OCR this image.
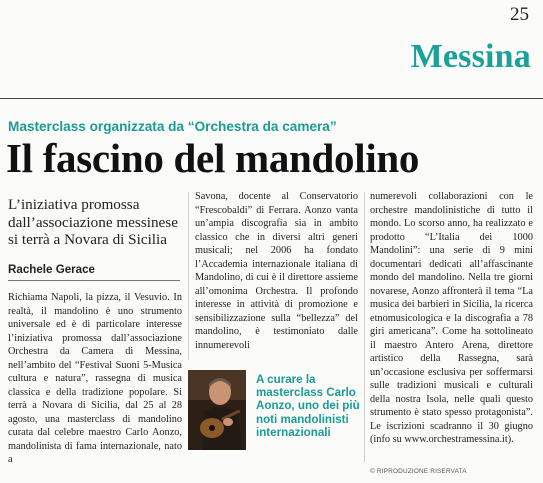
25
Messina
Masterclass organizzata da “Orchestra da camera”
Il fascino del mandolino
L’iniziativa promossa dall’associazione messinese si terrà a Novara di Sicilia
Rachele Gerace
Richiama Napoli, la pizza, il Vesuvio. In realtà, il mandolino è uno strumento universale ed è di particolare interesse l’iniziativa promossa dall’associazione Orchestra da Camera di Messina, nell’ambito del “Festival Suoni 5-Musica cultura e natura”, rassegna di musica classica e della tradizione popolare. Si terrà a Novara di Sicilia, dal 25 al 28 agosto, una masterclass di mandolino curata dal celebre maestro Carlo Aonzo, mandolinista di fama internazionale, nato a
Savona, docente al Conservatorio “Frescobaldi” di Ferrara. Aonzo vanta un’ampia discografia sia in ambito classico che in diversi altri generi musicali; nel 2006 ha fondato l’Accademia internazionale italiana di Mandolino, di cui è il direttore assieme all’omonima Orchestra. Il profondo interesse in attività di promozione e sensibilizzazione sulla “bellezza” del mandolino, è testimoniato dalle innumerevoli
numerevoli collaborazioni con le orchestre mandolinistiche di tutto il mondo. Lo scorso anno, ha realizzato e prodotto “L’Italia dei 1000 Mandolini”: una serie di 9 mini documentari dedicati all’affascinante mondo del mandolino. Nella tre giorni novarese, Aonzo affronterà il tema “La musica dei barbieri in Sicilia, la ricerca etnomusicologica e la discografia a 78 giri americana”. Come ha sottolineato il maestro Antero Arena, direttore artistico della Rassegna, sarà un’occasione esclusiva per soffermarsi sulle tradizioni musicali e culturali della nostra Isola, nelle quali questo strumento è stato spesso protagonista”. Le iscrizioni scadranno il 30 giugno (info su www.orchestramessina.it).
A curare la masterclass Carlo Aonzo, uno dei più noti mandolinisti internazionali
© RIPRODUZIONE RISERVATA
